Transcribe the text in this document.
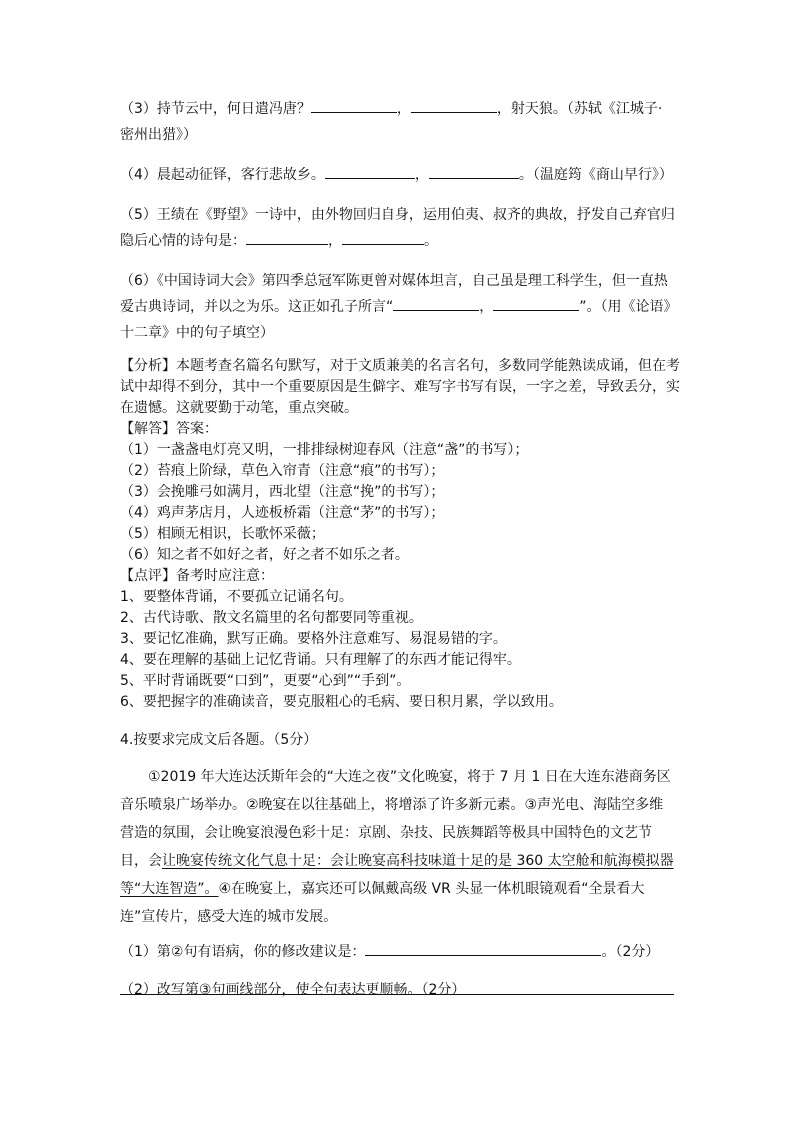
（3）持节云中，何日遣冯唐？	，	，射天狼。（苏轼《江城子·密州出猎》）
（4）晨起动征铎，客行悲故乡。	，	。（温庭筠《商山早行》）
（5）王绩在《野望》一诗中，由外物回归自身，运用伯夷、叔齐的典故，抒发自己弃官归隐后心情的诗句是：	，	。
（6）《中国诗词大会》第四季总冠军陈更曾对媒体坦言，自己虽是理工科学生，但一直热爱古典诗词，并以之为乐。这正如孔子所言“	，	”。（用《论语》十二章》中的句子填空）
【分析】本题考查名篇名句默写，对于文质兼美的名言名句，多数同学能熟读成诵，但在考
试中却得不到分，其中一个重要原因是生僻字、难写字书写有误，一字之差，导致丢分，实
在遗憾。这就要勤于动笔，重点突破。
【解答】答案：
（1）一盏盏电灯亮又明，一排排绿树迎春风（注意“盏”的书写）；
（2）苔痕上阶绿，草色入帘青（注意“痕”的书写）；
（3）会挽雕弓如满月，西北望（注意“挽”的书写）；
（4）鸡声茅店月，人迹板桥霜（注意“茅”的书写）；
（5）相顾无相识，长歌怀采薇；
（6）知之者不如好之者，好之者不如乐之者。
【点评】备考时应注意：
1、要整体背诵，不要孤立记诵名句。
2、古代诗歌、散文名篇里的名句都要同等重视。
3、要记忆准确，默写正确。要格外注意难写、易混易错的字。
4、要在理解的基础上记忆背诵。只有理解了的东西才能记得牢。
5、平时背诵既要“口到”，更要“心到”“手到”。
6、要把握字的准确读音，要克服粗心的毛病、要日积月累，学以致用。
4.按要求完成文后各题。（5分）
①2019 年大连达沃斯年会的“大连之夜”文化晚宴，将于 7 月 1 日在大连东港商务区音乐喷泉广场举办。②晚宴在以往基础上，将增添了许多新元素。③声光电、海陆空多维营造的氛围，会让晚宴浪漫色彩十足：京剧、杂技、民族舞蹈等极具中国特色的文艺节目，会让晚宴传统文化气息十足：会让晚宴高科技味道十足的是 360 太空舱和航海模拟器等“大连智造”。④在晚宴上，嘉宾还可以佩戴高级 VR 头显一体机眼镜观看“全景看大连”宣传片，感受大连的城市发展。
（1）第②句有语病，你的修改建议是：	。（2分）
（2）改写第③句画线部分，使全句表达更顺畅。（2分）
